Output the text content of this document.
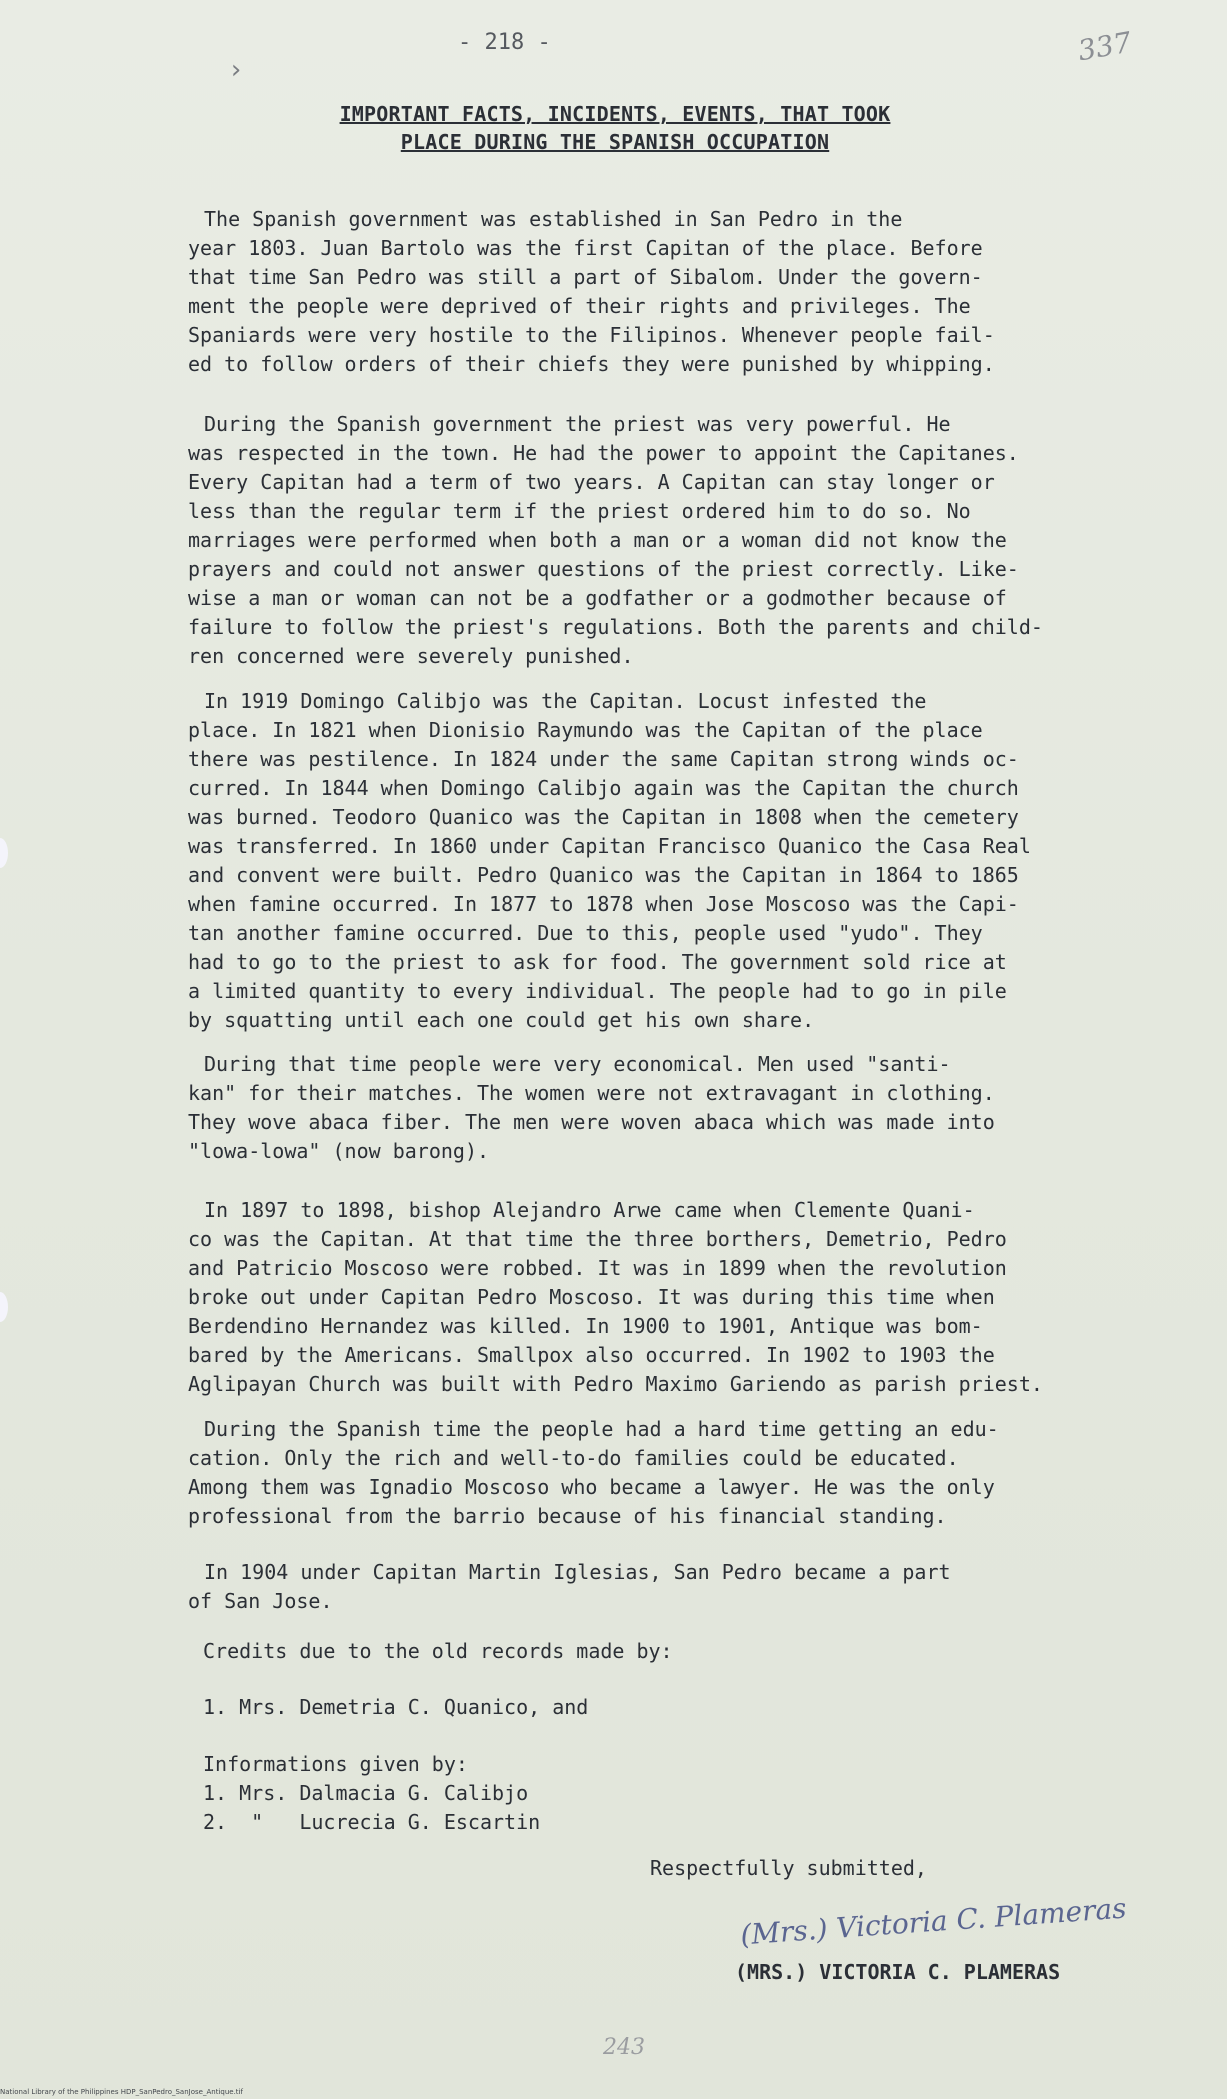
›
- 218 -	337
IMPORTANT FACTS, INCIDENTS, EVENTS, THAT TOOK
PLACE DURING THE SPANISH OCCUPATION
The Spanish government was established in San Pedro in the
year 1803. Juan Bartolo was the first Capitan of the place. Before
that time San Pedro was still a part of Sibalom. Under the govern-
ment the people were deprived of their rights and privileges. The
Spaniards were very hostile to the Filipinos. Whenever people fail-
ed to follow orders of their chiefs they were punished by whipping.
During the Spanish government the priest was very powerful. He
was respected in the town. He had the power to appoint the Capitanes.
Every Capitan had a term of two years. A Capitan can stay longer or
less than the regular term if the priest ordered him to do so. No
marriages were performed when both a man or a woman did not know the
prayers and could not answer questions of the priest correctly. Like-
wise a man or woman can not be a godfather or a godmother because of
failure to follow the priest's regulations. Both the parents and child-
ren concerned were severely punished.
In 1919 Domingo Calibjo was the Capitan. Locust infested the
place. In 1821 when Dionisio Raymundo was the Capitan of the place
there was pestilence. In 1824 under the same Capitan strong winds oc-
curred. In 1844 when Domingo Calibjo again was the Capitan the church
was burned. Teodoro Quanico was the Capitan in 1808 when the cemetery
was transferred. In 1860 under Capitan Francisco Quanico the Casa Real
and convent were built. Pedro Quanico was the Capitan in 1864 to 1865
when famine occurred. In 1877 to 1878 when Jose Moscoso was the Capi-
tan another famine occurred. Due to this, people used "yudo". They
had to go to the priest to ask for food. The government sold rice at
a limited quantity to every individual. The people had to go in pile
by squatting until each one could get his own share.
During that time people were very economical. Men used "santi-
kan" for their matches. The women were not extravagant in clothing.
They wove abaca fiber. The men were woven abaca which was made into
"lowa-lowa" (now barong).
In 1897 to 1898, bishop Alejandro Arwe came when Clemente Quani-
co was the Capitan. At that time the three borthers, Demetrio, Pedro
and Patricio Moscoso were robbed. It was in 1899 when the revolution
broke out under Capitan Pedro Moscoso. It was during this time when
Berdendino Hernandez was killed. In 1900 to 1901, Antique was bom-
bared by the Americans. Smallpox also occurred. In 1902 to 1903 the
Aglipayan Church was built with Pedro Maximo Gariendo as parish priest.
During the Spanish time the people had a hard time getting an edu-
cation. Only the rich and well-to-do families could be educated.
Among them was Ignadio Moscoso who became a lawyer. He was the only
professional from the barrio because of his financial standing.
In 1904 under Capitan Martin Iglesias, San Pedro became a part
of San Jose.
Credits due to the old records made by:
1. Mrs. Demetria C. Quanico, and
Informations given by:
1. Mrs. Dalmacia G. Calibjo
2.  "   Lucrecia G. Escartin
Respectfully submitted,
(Mrs.) Victoria C. Plameras
(MRS.) VICTORIA C. PLAMERAS
243
National Library of the Philippines HDP_SanPedro_SanJose_Antique.tif
